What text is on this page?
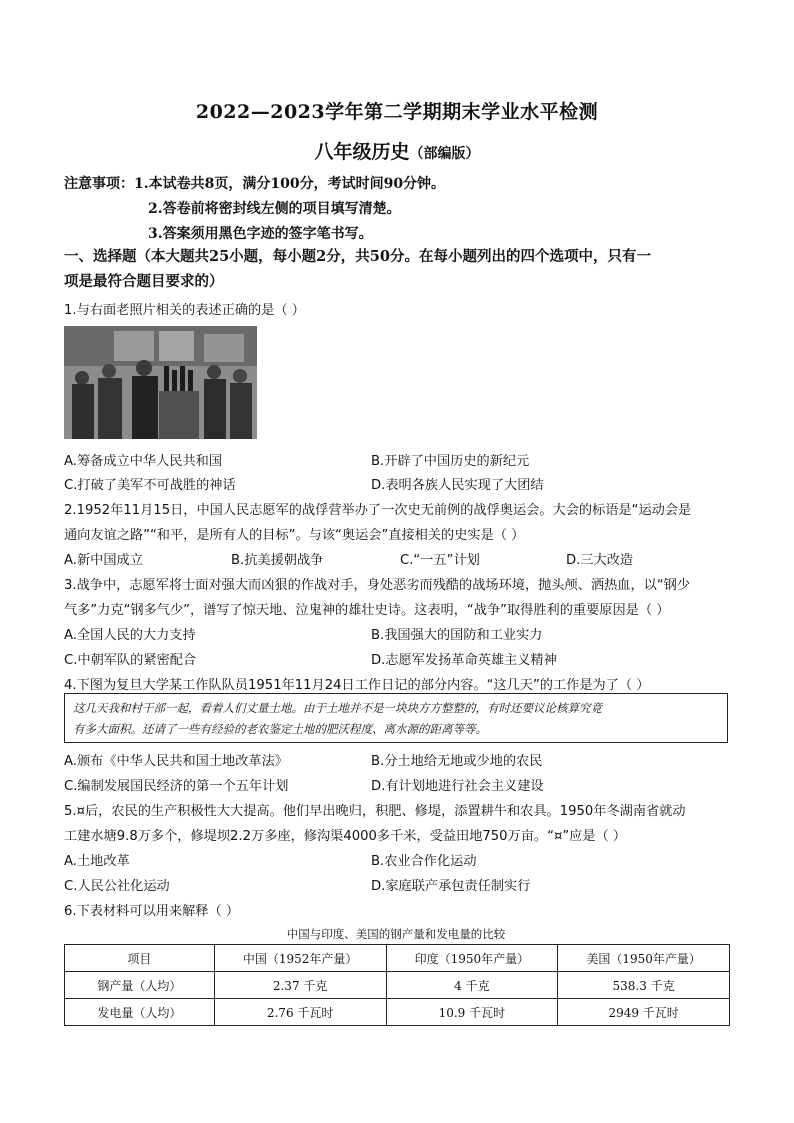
2022—2023学年第二学期期末学业水平检测
八年级历史（部编版）
注意事项：1.本试卷共8页，满分100分，考试时间90分钟。
2.答卷前将密封线左侧的项目填写清楚。
3.答案须用黑色字迹的签字笔书写。
一、选择题（本大题共25小题，每小题2分，共50分。在每小题列出的四个选项中，只有一
项是最符合题目要求的）
1.与右面老照片相关的表述正确的是（ ）
A.筹备成立中华人民共和国	B.开辟了中国历史的新纪元
C.打破了美军不可战胜的神话	D.表明各族人民实现了大团结
2.1952年11月15日，中国人民志愿军的战俘营举办了一次史无前例的战俘奥运会。大会的标语是“运动会是
通向友谊之路”“和平，是所有人的目标”。与该“奥运会”直接相关的史实是（ ）
A.新中国成立	B.抗美援朝战争	C.“一五”计划	D.三大改造
3.战争中，志愿军将士面对强大而凶狠的作战对手，身处恶劣而残酷的战场环境，抛头颅、洒热血，以“钢少
气多”力克“钢多气少”，谱写了惊天地、泣鬼神的雄壮史诗。这表明，“战争”取得胜利的重要原因是（ ）
A.全国人民的大力支持	B.我国强大的国防和工业实力
C.中朝军队的紧密配合	D.志愿军发扬革命英雄主义精神
4.下图为复旦大学某工作队队员1951年11月24日工作日记的部分内容。“这几天”的工作是为了（ ）
这几天我和村干部一起，看着人们丈量土地。由于土地并不是一块块方方整整的，有时还要议论核算究竟
有多大面积。还请了一些有经验的老农鉴定土地的肥沃程度、离水源的距离等等。
A.颁布《中华人民共和国土地改革法》	B.分土地给无地或少地的农民
C.编制发展国民经济的第一个五年计划	D.有计划地进行社会主义建设
5.¤后，农民的生产积极性大大提高。他们早出晚归，积肥、修堤，添置耕牛和农具。1950年冬湖南省就动
工建水塘9.8万多个，修堤坝2.2万多座，修沟渠4000多千米，受益田地750万亩。“¤”应是（ ）
A.土地改革	B.农业合作化运动
C.人民公社化运动	D.家庭联产承包责任制实行
6.下表材料可以用来解释（ ）
中国与印度、美国的钢产量和发电量的比较
项目	中国（1952年产量）	印度（1950年产量）	美国（1950年产量）
钢产量（人均）	2.37 千克	4 千克	538.3 千克
发电量（人均）	2.76 千瓦时	10.9 千瓦时	2949 千瓦时
